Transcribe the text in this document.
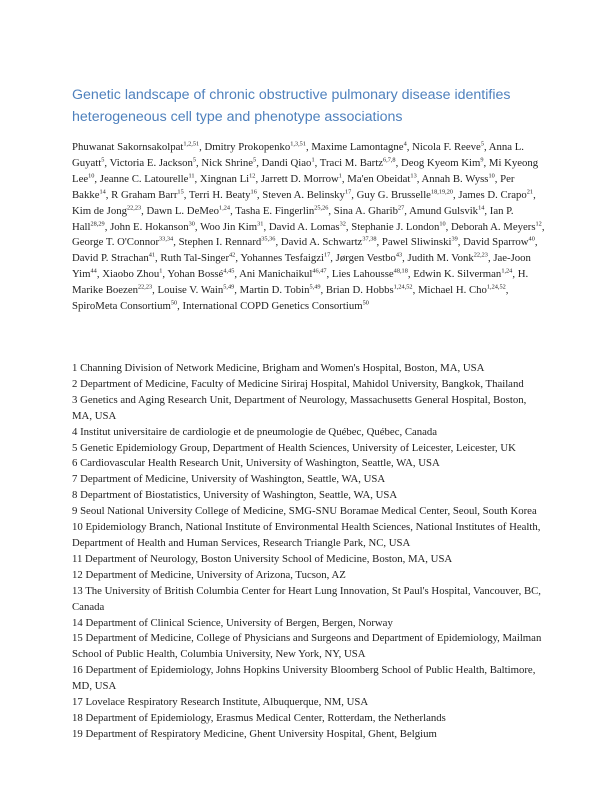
Genetic landscape of chronic obstructive pulmonary disease identifies
heterogeneous cell type and phenotype associations

Phuwanat Sakornsakolpat$^{1,2,51}$, Dmitry Prokopenko$^{1,3,51}$, Maxime Lamontagne$^4$, Nicola F. Reeve$^5$, Anna L. Guyatt$^5$, Victoria E. Jackson$^5$, Nick Shrine$^5$, Dandi Qiao$^1$, Traci M. Bartz$^{6,7,8}$, Deog Kyeom Kim$^9$, Mi Kyeong Lee$^{10}$, Jeanne C. Latourelle$^{11}$, Xingnan Li$^{12}$, Jarrett D. Morrow$^1$, Ma'en Obeidat$^{13}$, Annah B. Wyss$^{10}$, Per Bakke$^{14}$, R Graham Barr$^{15}$, Terri H. Beaty$^{16}$, Steven A. Belinsky$^{17}$, Guy G. Brusselle$^{18,19,20}$, James D. Crapo$^{21}$, Kim de Jong$^{22,23}$, Dawn L. DeMeo$^{1,24}$, Tasha E. Fingerlin$^{25,26}$, Sina A. Gharib$^{27}$, Amund Gulsvik$^{14}$, Ian P. Hall$^{28,29}$, John E. Hokanson$^{30}$, Woo Jin Kim$^{31}$, David A. Lomas$^{32}$, Stephanie J. London$^{10}$, Deborah A. Meyers$^{12}$, George T. O'Connor$^{33,34}$, Stephen I. Rennard$^{35,36}$, David A. Schwartz$^{37,38}$, Pawel Sliwinski$^{39}$, David Sparrow$^{40}$, David P. Strachan$^{41}$, Ruth Tal-Singer$^{42}$, Yohannes Tesfaigzi$^{17}$, Jørgen Vestbo$^{43}$, Judith M. Vonk$^{22,23}$, Jae-Joon Yim$^{44}$, Xiaobo Zhou$^1$, Yohan Bossé$^{4,45}$, Ani Manichaikul$^{46,47}$, Lies Lahousse$^{48,18}$, Edwin K. Silverman$^{1,24}$, H. Marike Boezen$^{22,23}$, Louise V. Wain$^{5,49}$, Martin D. Tobin$^{5,49}$, Brian D. Hobbs$^{1,24,52}$, Michael H. Cho$^{1,24,52}$, SpiroMeta Consortium$^{50}$, International COPD Genetics Consortium$^{50}$

1 Channing Division of Network Medicine, Brigham and Women's Hospital, Boston, MA, USA
2 Department of Medicine, Faculty of Medicine Siriraj Hospital, Mahidol University, Bangkok, Thailand
3 Genetics and Aging Research Unit, Department of Neurology, Massachusetts General Hospital, Boston, MA, USA
4 Institut universitaire de cardiologie et de pneumologie de Québec, Québec, Canada
5 Genetic Epidemiology Group, Department of Health Sciences, University of Leicester, Leicester, UK
6 Cardiovascular Health Research Unit, University of Washington, Seattle, WA, USA
7 Department of Medicine, University of Washington, Seattle, WA, USA
8 Department of Biostatistics, University of Washington, Seattle, WA, USA
9 Seoul National University College of Medicine, SMG-SNU Boramae Medical Center, Seoul, South Korea
10 Epidemiology Branch, National Institute of Environmental Health Sciences, National Institutes of Health, Department of Health and Human Services, Research Triangle Park, NC, USA
11 Department of Neurology, Boston University School of Medicine, Boston, MA, USA
12 Department of Medicine, University of Arizona, Tucson, AZ
13 The University of British Columbia Center for Heart Lung Innovation, St Paul's Hospital, Vancouver, BC, Canada
14 Department of Clinical Science, University of Bergen, Bergen, Norway
15 Department of Medicine, College of Physicians and Surgeons and Department of Epidemiology, Mailman School of Public Health, Columbia University, New York, NY, USA
16 Department of Epidemiology, Johns Hopkins University Bloomberg School of Public Health, Baltimore, MD, USA
17 Lovelace Respiratory Research Institute, Albuquerque, NM, USA
18 Department of Epidemiology, Erasmus Medical Center, Rotterdam, the Netherlands
19 Department of Respiratory Medicine, Ghent University Hospital, Ghent, Belgium
